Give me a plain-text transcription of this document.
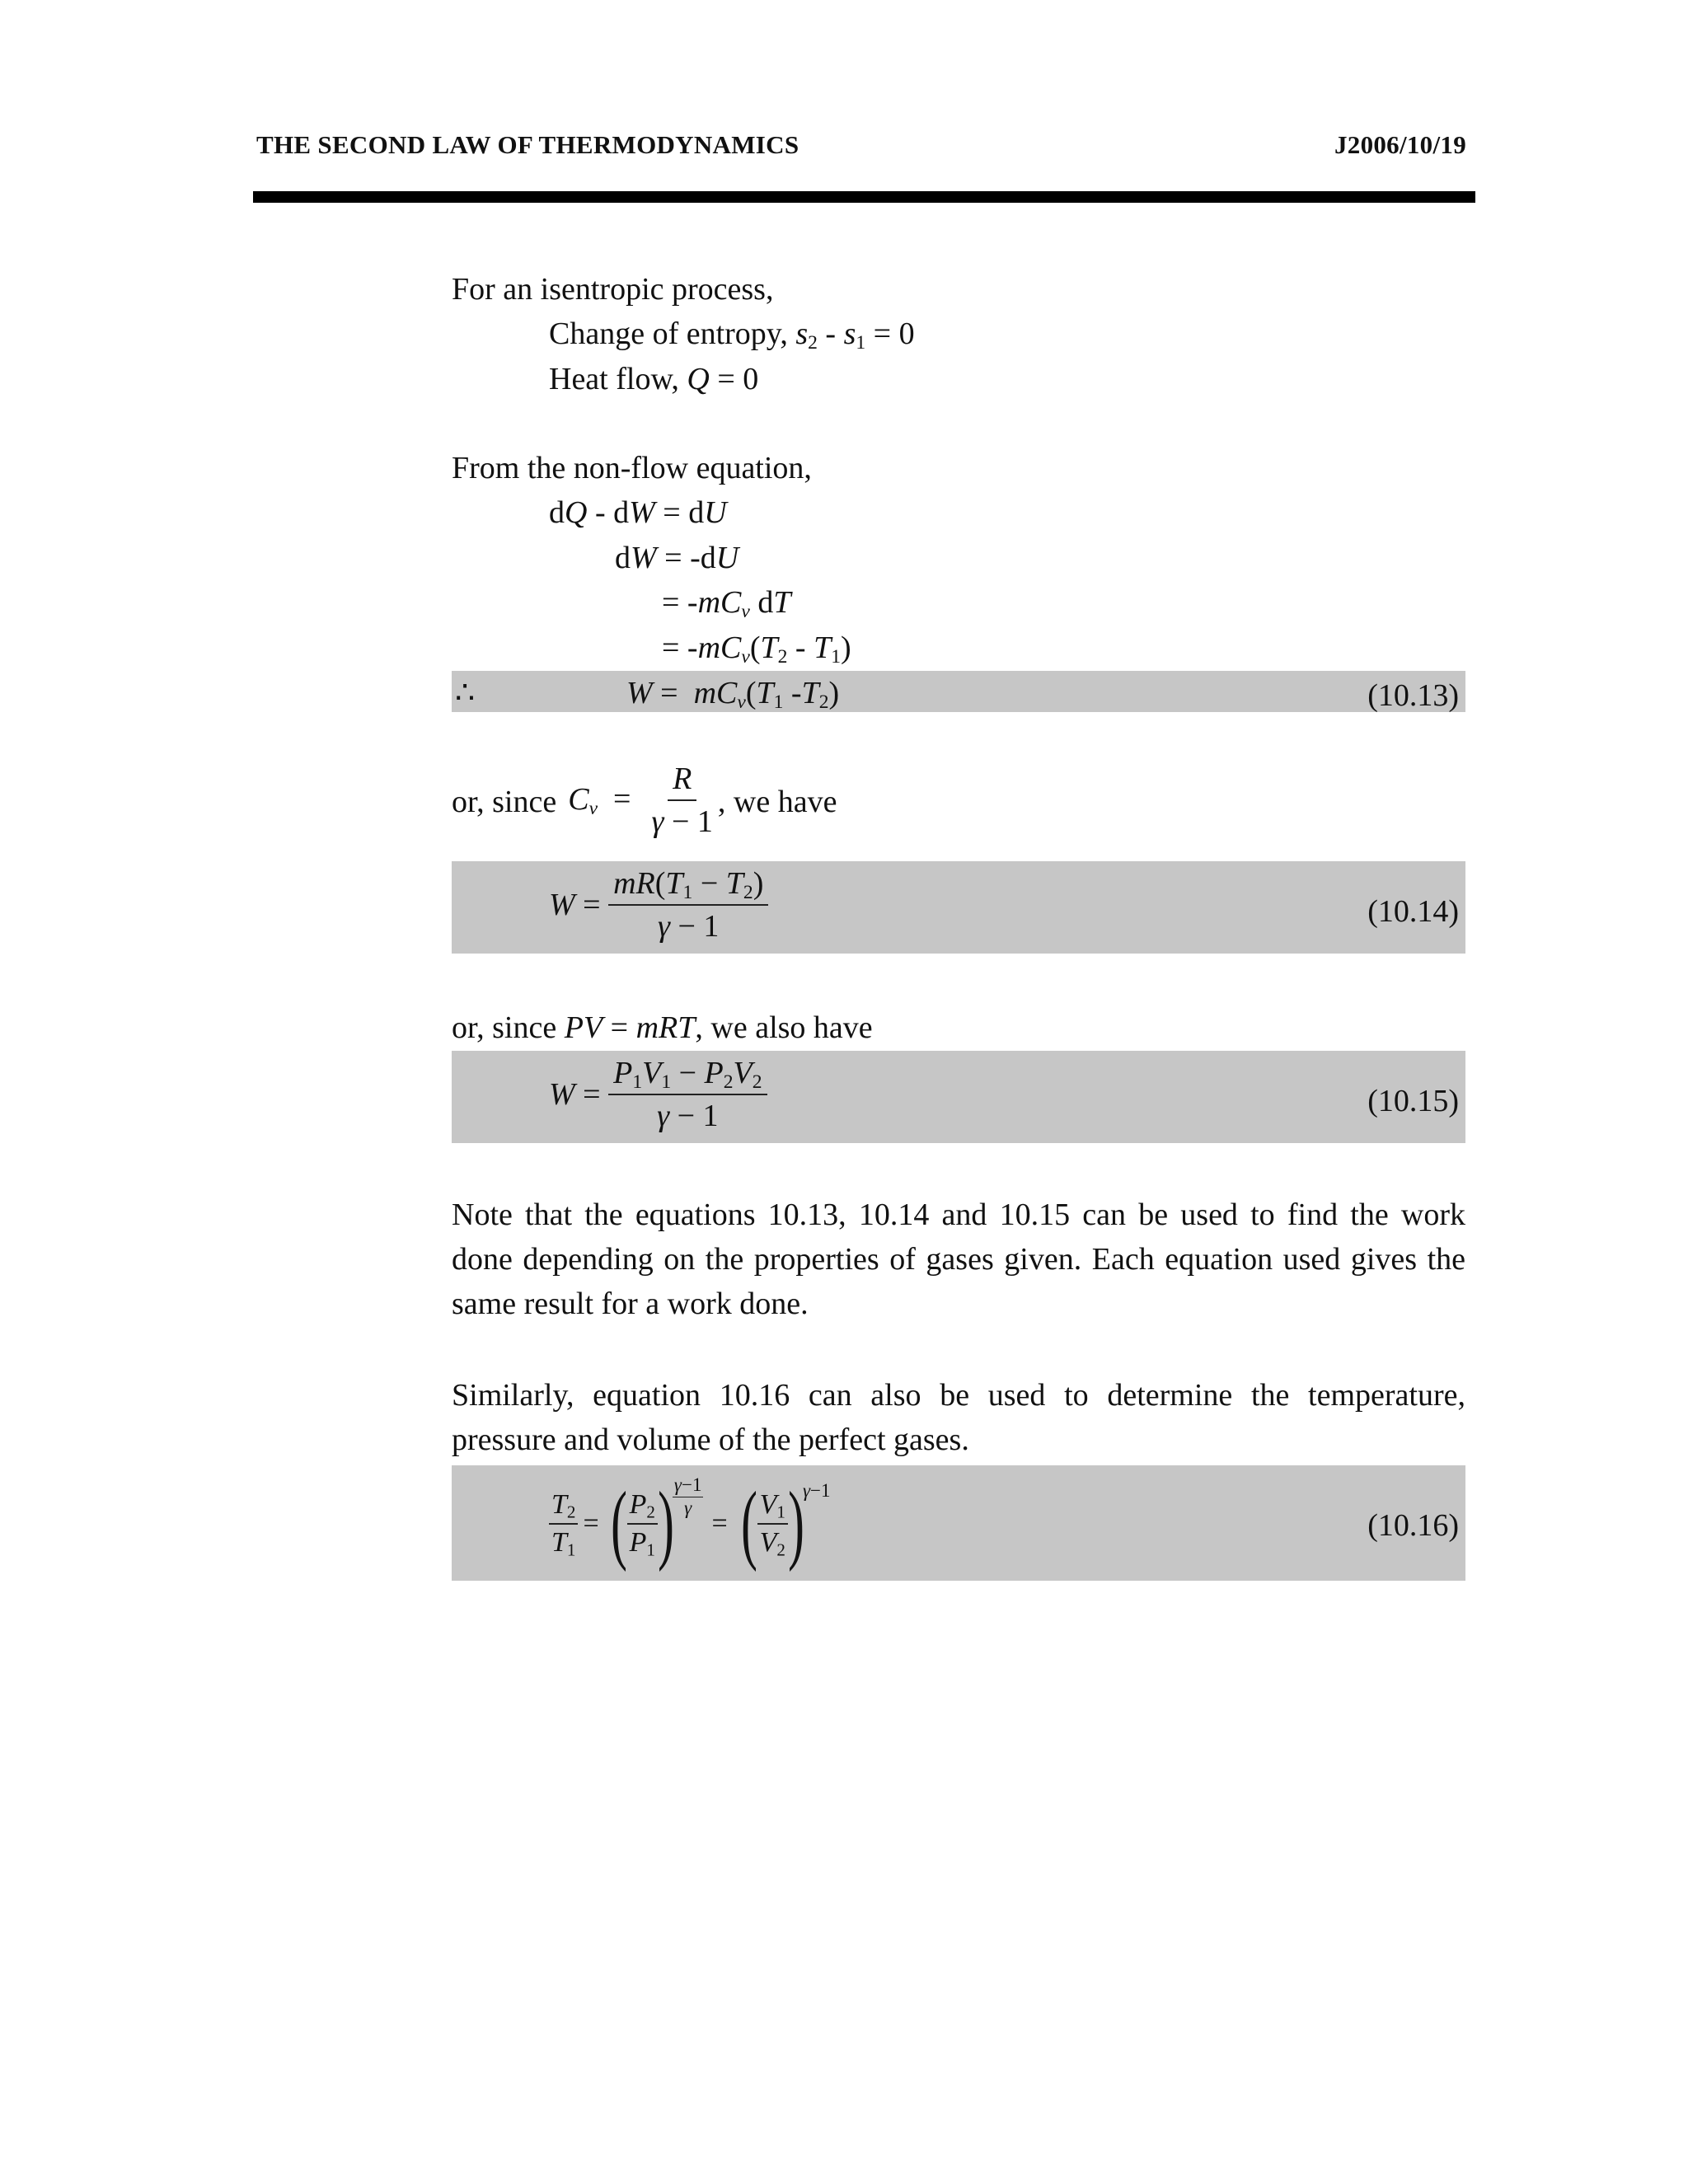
THE SECOND LAW OF THERMODYNAMICS	J2006/10/19
For an isentropic process,
Change of entropy, $s_2 - s_1 = 0$
Heat flow, Q = 0
From the non-flow equation,
dQ - dW = dU
dW = -dU
= $-mC_v$ dT
= $-mC_v(T_2 - T_1)$
∴	$W = mC_v(T_1$ $-T_2$)	(10.13)
or, since $C_v = \frac{R}{\gamma - 1}$ , we have
$W = \frac{mR(T_1 - T_2)}{\gamma - 1}$	(10.14)
or, since PV = mRT, we also have
$W = \frac{P_1V_1 - P_2V_2}{\gamma - 1}$	(10.15)
Note that the equations 10.13, 10.14 and 10.15 can be used to find the work done depending on the properties of gases given. Each equation used gives the same result for a work done.
Similarly, equation 10.16 can also be used to determine the temperature, pressure and volume of the perfect gases.
$\frac{T_2}{T_1}$ = ( $\frac{P_2}{P_1}$ )
$\frac{\gamma-1}{\gamma}$
= ( $\frac{V_1}{V_2}$ )
γ−1
(10.16)
